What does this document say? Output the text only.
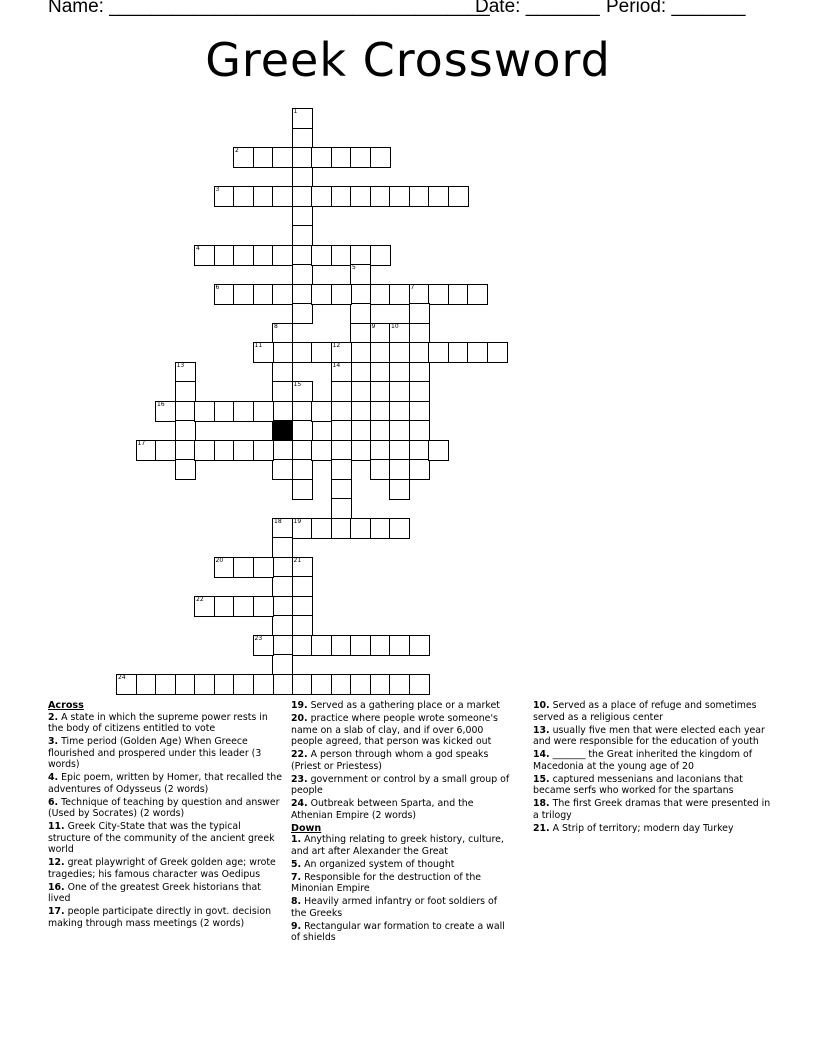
Name: ____________________________________
Date: _______ Period: _______
Greek Crossword
1
2
3
4
5
6	7
8	9	10
11	12
13	14
15
16
17
18 19
20	21
22
23
24
Across
2. A state in which the supreme power rests in the body of citizens entitled to vote
3. Time period (Golden Age) When Greece flourished and prospered under this leader (3 words)
4. Epic poem, written by Homer, that recalled the adventures of Odysseus (2 words)
6. Technique of teaching by question and answer (Used by Socrates) (2 words)
11. Greek City-State that was the typical structure of the community of the ancient greek world
12. great playwright of Greek golden age; wrote tragedies; his famous character was Oedipus
16. One of the greatest Greek historians that lived
17. people participate directly in govt. decision making through mass meetings (2 words)
19. Served as a gathering place or a market
20. practice where people wrote someone's name on a slab of clay, and if over 6,000 people agreed, that person was kicked out
22. A person through whom a god speaks (Priest or Priestess)
23. government or control by a small group of people
24. Outbreak between Sparta, and the Athenian Empire (2 words)
Down
1. Anything relating to greek history, culture, and art after Alexander the Great
5. An organized system of thought
7. Responsible for the destruction of the Minonian Empire
8. Heavily armed infantry or foot soldiers of the Greeks
9. Rectangular war formation to create a wall of shields
10. Served as a place of refuge and sometimes served as a religious center
13. usually five men that were elected each year and were responsible for the education of youth
14. _______ the Great inherited the kingdom of Macedonia at the young age of 20
15. captured messenians and laconians that became serfs who worked for the spartans
18. The first Greek dramas that were presented in a trilogy
21. A Strip of territory; modern day Turkey
